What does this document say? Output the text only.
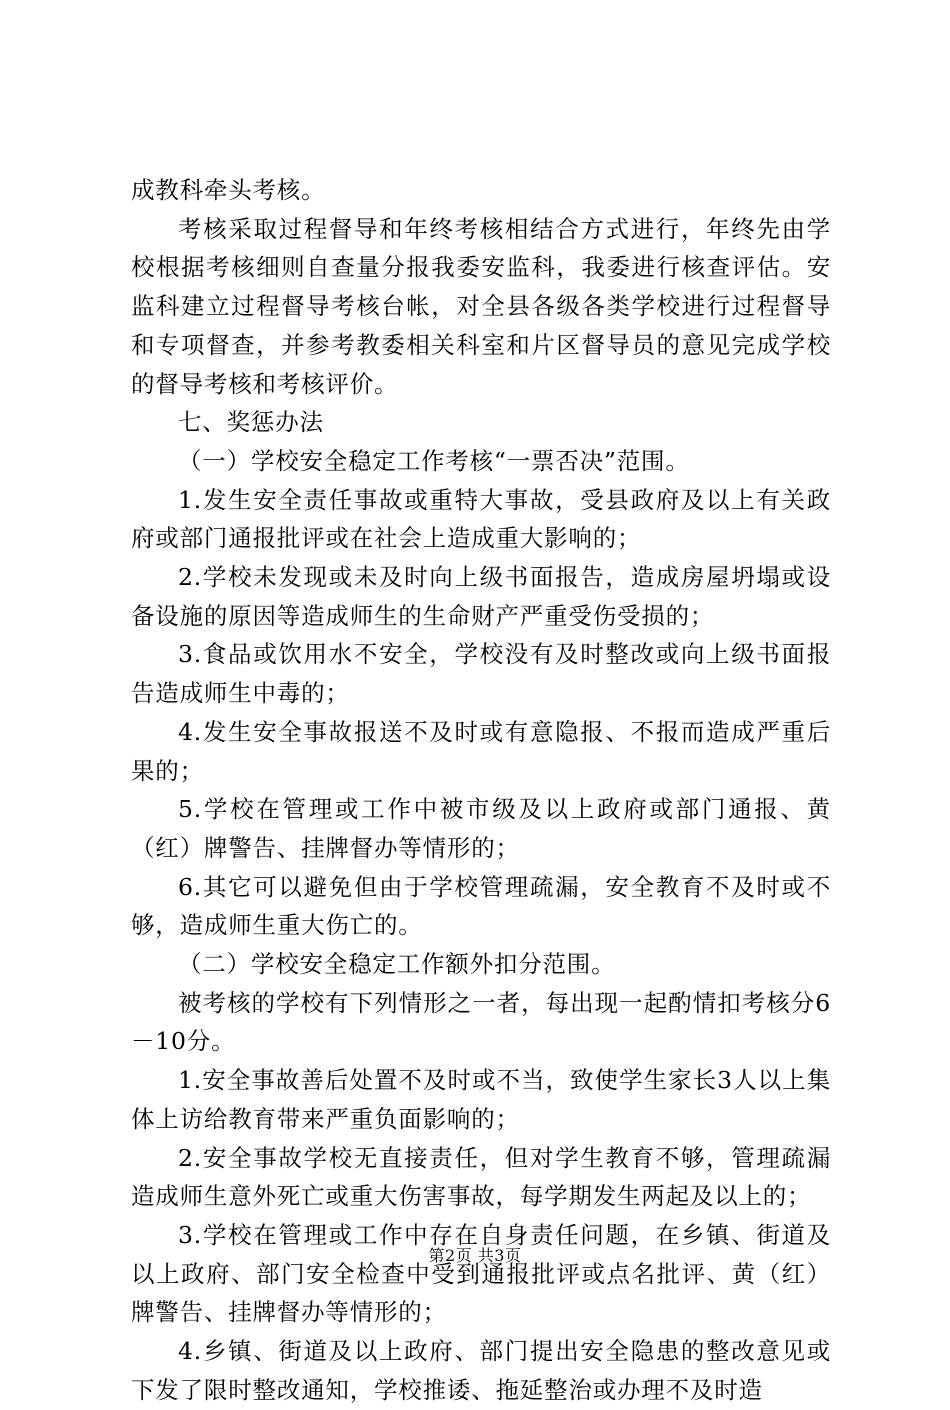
成教科牵头考核。

考核采取过程督导和年终考核相结合方式进行，年终先由学校根据考核细则自查量分报我委安监科，我委进行核查评估。安监科建立过程督导考核台帐，对全县各级各类学校进行过程督导和专项督查，并参考教委相关科室和片区督导员的意见完成学校的督导考核和考核评价。

七、奖惩办法

（一）学校安全稳定工作考核“一票否决”范围。

1.发生安全责任事故或重特大事故，受县政府及以上有关政府或部门通报批评或在社会上造成重大影响的；

2.学校未发现或未及时向上级书面报告，造成房屋坍塌或设备设施的原因等造成师生的生命财产严重受伤受损的；

3.食品或饮用水不安全，学校没有及时整改或向上级书面报告造成师生中毒的；

4.发生安全事故报送不及时或有意隐报、不报而造成严重后果的；

5.学校在管理或工作中被市级及以上政府或部门通报、黄（红）牌警告、挂牌督办等情形的；

6.其它可以避免但由于学校管理疏漏，安全教育不及时或不够，造成师生重大伤亡的。

（二）学校安全稳定工作额外扣分范围。

被考核的学校有下列情形之一者，每出现一起酌情扣考核分6－10分。

1.安全事故善后处置不及时或不当，致使学生家长3人以上集体上访给教育带来严重负面影响的；

2.安全事故学校无直接责任，但对学生教育不够，管理疏漏造成师生意外死亡或重大伤害事故，每学期发生两起及以上的；

3.学校在管理或工作中存在自身责任问题，在乡镇、街道及以上政府、部门安全检查中受到通报批评或点名批评、黄（红）牌警告、挂牌督办等情形的；

4.乡镇、街道及以上政府、部门提出安全隐患的整改意见或下发了限时整改通知，学校推诿、拖延整治或办理不及时造

第2页 共3页
